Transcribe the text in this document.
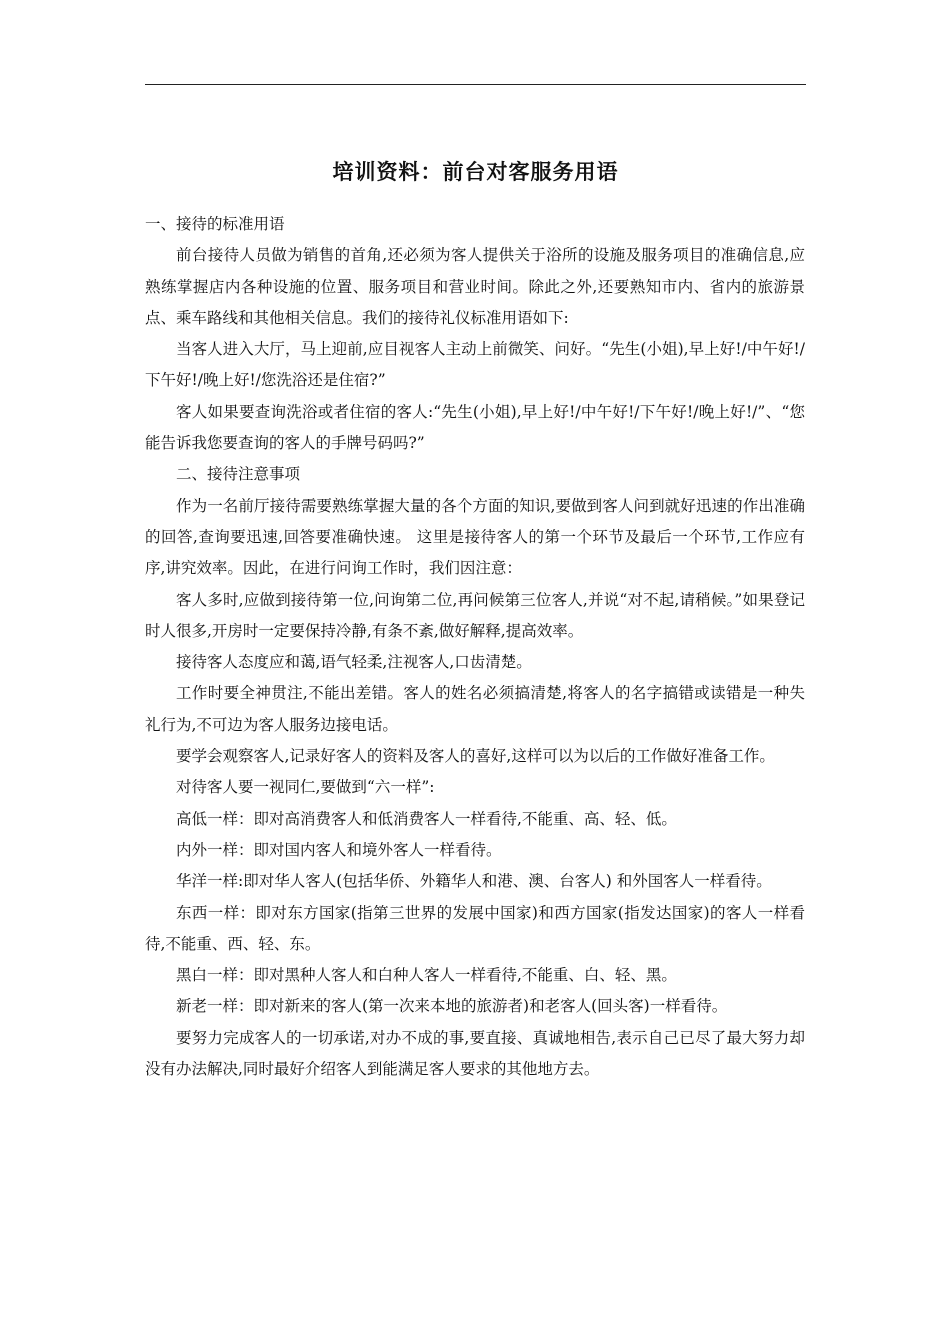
培训资料：前台对客服务用语

一、接待的标准用语

前台接待人员做为销售的首角,还必须为客人提供关于浴所的设施及服务项目的准确信息,应熟练掌握店内各种设施的位置、服务项目和营业时间。除此之外,还要熟知市内、省内的旅游景点、乘车路线和其他相关信息。我们的接待礼仪标准用语如下:

当客人进入大厅，马上迎前,应目视客人主动上前微笑、问好。“先生(小姐),早上好!/中午好!/下午好!/晚上好!/您洗浴还是住宿?”

客人如果要查询洗浴或者住宿的客人:“先生(小姐),早上好!/中午好!/下午好!/晚上好!/”、“您能告诉我您要查询的客人的手牌号码吗?”

二、接待注意事项

作为一名前厅接待需要熟练掌握大量的各个方面的知识,要做到客人问到就好迅速的作出准确的回答,查询要迅速,回答要准确快速。 这里是接待客人的第一个环节及最后一个环节,工作应有序,讲究效率。因此，在进行问询工作时，我们因注意：

客人多时,应做到接待第一位,问询第二位,再问候第三位客人,并说“对不起,请稍候。”如果登记时人很多,开房时一定要保持冷静,有条不紊,做好解释,提高效率。

接待客人态度应和蔼,语气轻柔,注视客人,口齿清楚。

工作时要全神贯注,不能出差错。客人的姓名必须搞清楚,将客人的名字搞错或读错是一种失礼行为,不可边为客人服务边接电话。

要学会观察客人,记录好客人的资料及客人的喜好,这样可以为以后的工作做好准备工作。

对待客人要一视同仁,要做到“六一样”:

高低一样：即对高消费客人和低消费客人一样看待,不能重、高、轻、低。

内外一样：即对国内客人和境外客人一样看待。

华洋一样:即对华人客人(包括华侨、外籍华人和港、澳、台客人) 和外国客人一样看待。

东西一样：即对东方国家(指第三世界的发展中国家)和西方国家(指发达国家)的客人一样看待,不能重、西、轻、东。

黑白一样：即对黑种人客人和白种人客人一样看待,不能重、白、轻、黑。

新老一样：即对新来的客人(第一次来本地的旅游者)和老客人(回头客)一样看待。

要努力完成客人的一切承诺,对办不成的事,要直接、真诚地相告,表示自己已尽了最大努力却没有办法解决,同时最好介绍客人到能满足客人要求的其他地方去。
